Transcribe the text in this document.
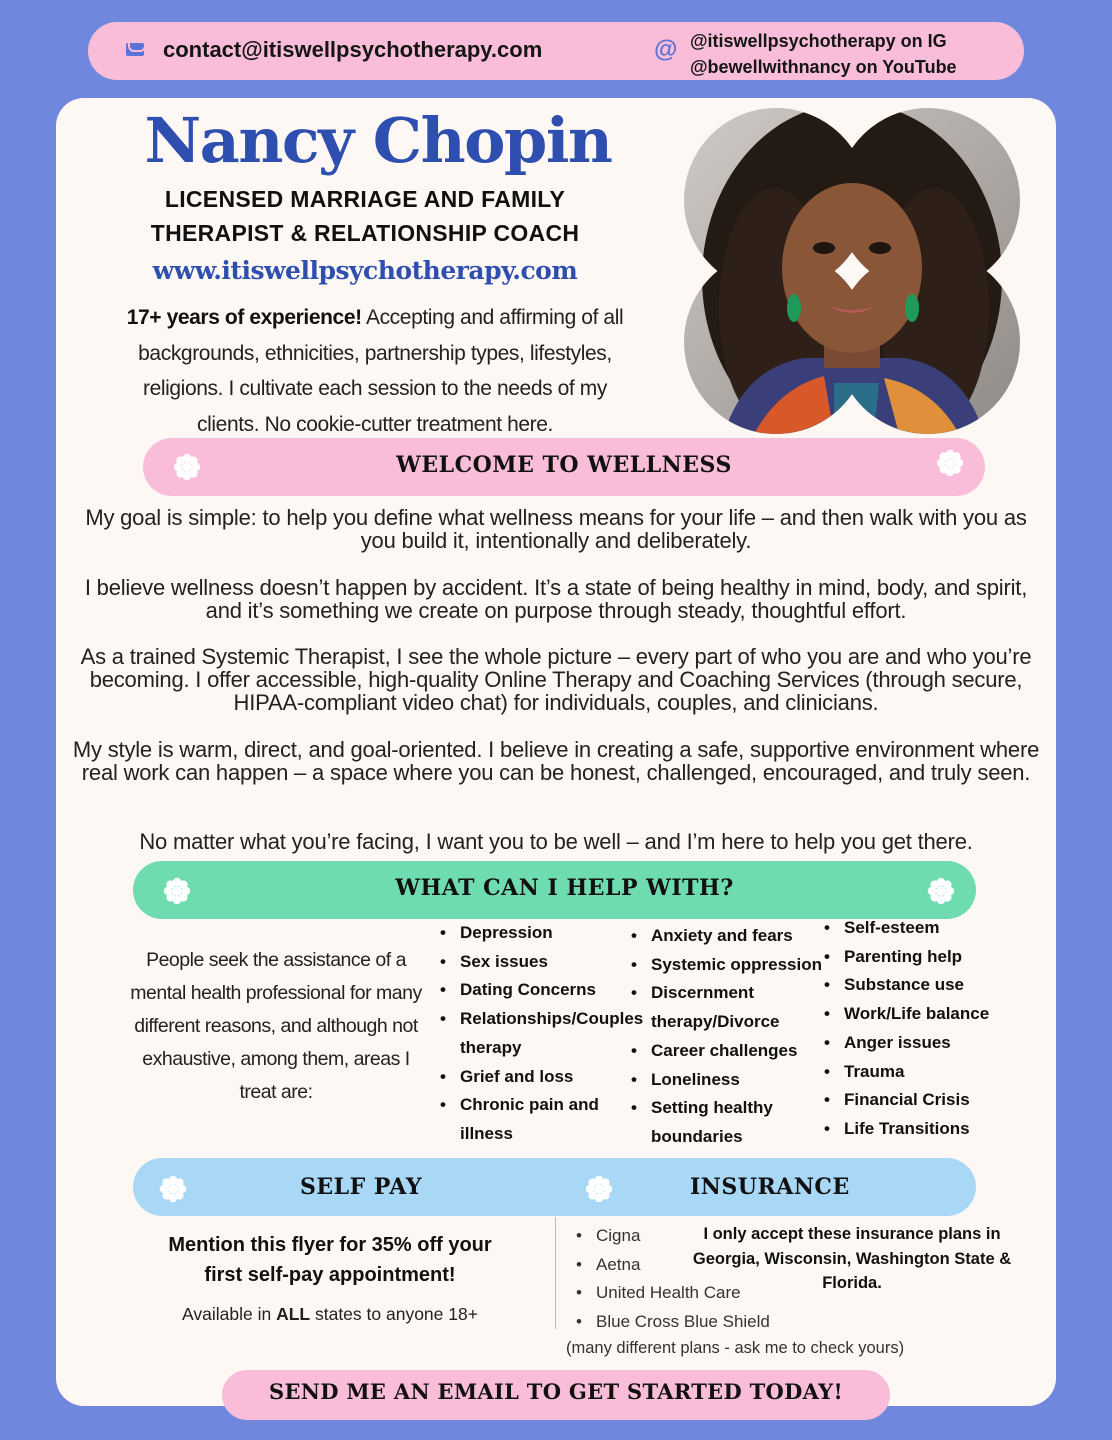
contact@itiswellpsychotherapy.com	@ @itiswellpsychotherapy on IG
@bewellwithnancy on YouTube
Nancy Chopin
LICENSED MARRIAGE AND FAMILY
THERAPIST & RELATIONSHIP COACH
www.itiswellpsychotherapy.com
17+ years of experience! Accepting and affirming of all backgrounds, ethnicities, partnership types, lifestyles, religions. I cultivate each session to the needs of my clients. No cookie-cutter treatment here.
WELCOME TO WELLNESS
My goal is simple: to help you define what wellness means for your life – and then walk with you as you build it, intentionally and deliberately.
I believe wellness doesn’t happen by accident. It’s a state of being healthy in mind, body, and spirit, and it’s something we create on purpose through steady, thoughtful effort.
As a trained Systemic Therapist, I see the whole picture – every part of who you are and who you’re becoming. I offer accessible, high-quality Online Therapy and Coaching Services (through secure, HIPAA-compliant video chat) for individuals, couples, and clinicians.
My style is warm, direct, and goal-oriented. I believe in creating a safe, supportive environment where real work can happen – a space where you can be honest, challenged, encouraged, and truly seen.
No matter what you’re facing, I want you to be well – and I’m here to help you get there.
WHAT CAN I HELP WITH?
People seek the assistance of a mental health professional for many different reasons, and although not exhaustive, among them, areas I treat are:
• Depression
• Sex issues
• Dating Concerns
• Relationships/Couples
therapy
• Grief and loss
• Chronic pain and
illness
• Anxiety and fears
• Systemic oppression
• Discernment
therapy/Divorce
• Career challenges
• Loneliness
• Setting healthy
boundaries
• Self-esteem
• Parenting help
• Substance use
• Work/Life balance
• Anger issues
• Trauma
• Financial Crisis
• Life Transitions
SELF PAY	INSURANCE
Mention this flyer for 35% off your first self-pay appointment!
Available in ALL states to anyone 18+
• Cigna
• Aetna
• United Health Care
• Blue Cross Blue Shield
I only accept these insurance plans in Georgia, Wisconsin, Washington State & Florida.
(many different plans - ask me to check yours)
SEND ME AN EMAIL TO GET STARTED TODAY!
